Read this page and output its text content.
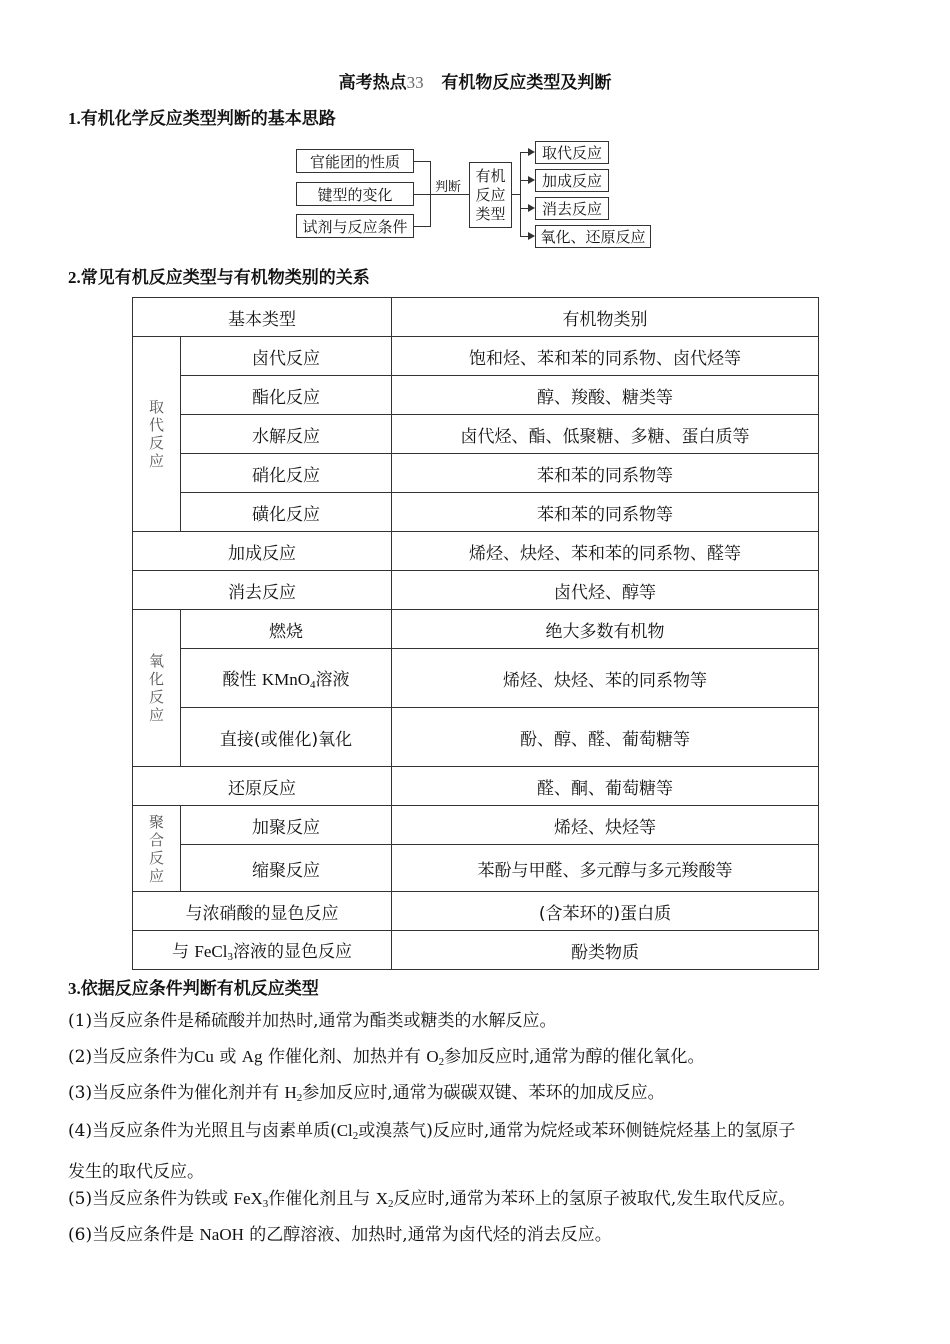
高考热点33 有机物反应类型及判断
1.有机化学反应类型判断的基本思路
官能团的性质
键型的变化
试剂与反应条件
判断
有机
反应
类型
取代反应
加成反应
消去反应
氧化、还原反应
2.常见有机反应类型与有机物类别的关系
基本类型		有机物类别

取
代
反
应	卤代反应	饱和烃、苯和苯的同系物、卤代烃等
	酯化反应	醇、羧酸、糖类等
	水解反应	卤代烃、酯、低聚糖、多糖、蛋白质等
	硝化反应	苯和苯的同系物等
	磺化反应	苯和苯的同系物等
加成反应		烯烃、炔烃、苯和苯的同系物、醛等
消去反应		卤代烃、醇等

氧
化
反
应	燃烧	绝大多数有机物
	酸性 KMnO$_4$溶液	烯烃、炔烃、苯的同系物等
	直接(或催化)氧化	酚、醇、醛、葡萄糖等
还原反应		醛、酮、葡萄糖等

聚
合
反
应	加聚反应	烯烃、炔烃等
	缩聚反应	苯酚与甲醛、多元醇与多元羧酸等
与浓硝酸的显色反应		(含苯环的)蛋白质
与 FeCl$_3$溶液的显色反应		酚类物质
3.依据反应条件判断有机反应类型
(1)当反应条件是稀硫酸并加热时,通常为酯类或糖类的水解反应。
(2)当反应条件为Cu 或 Ag 作催化剂、加热并有 $O_2$参加反应时,通常为醇的催化氧化。
(3)当反应条件为催化剂并有 $H_2$参加反应时,通常为碳碳双键、苯环的加成反应。
(4)当反应条件为光照且与卤素单质($Cl_2$或溴蒸气)反应时,通常为烷烃或苯环侧链烷烃基上的氢原子
发生的取代反应。
(5)当反应条件为铁或 FeX$_3$作催化剂且与 $X_2$反应时,通常为苯环上的氢原子被取代,发生取代反应。
(6)当反应条件是 NaOH 的乙醇溶液、加热时,通常为卤代烃的消去反应。
